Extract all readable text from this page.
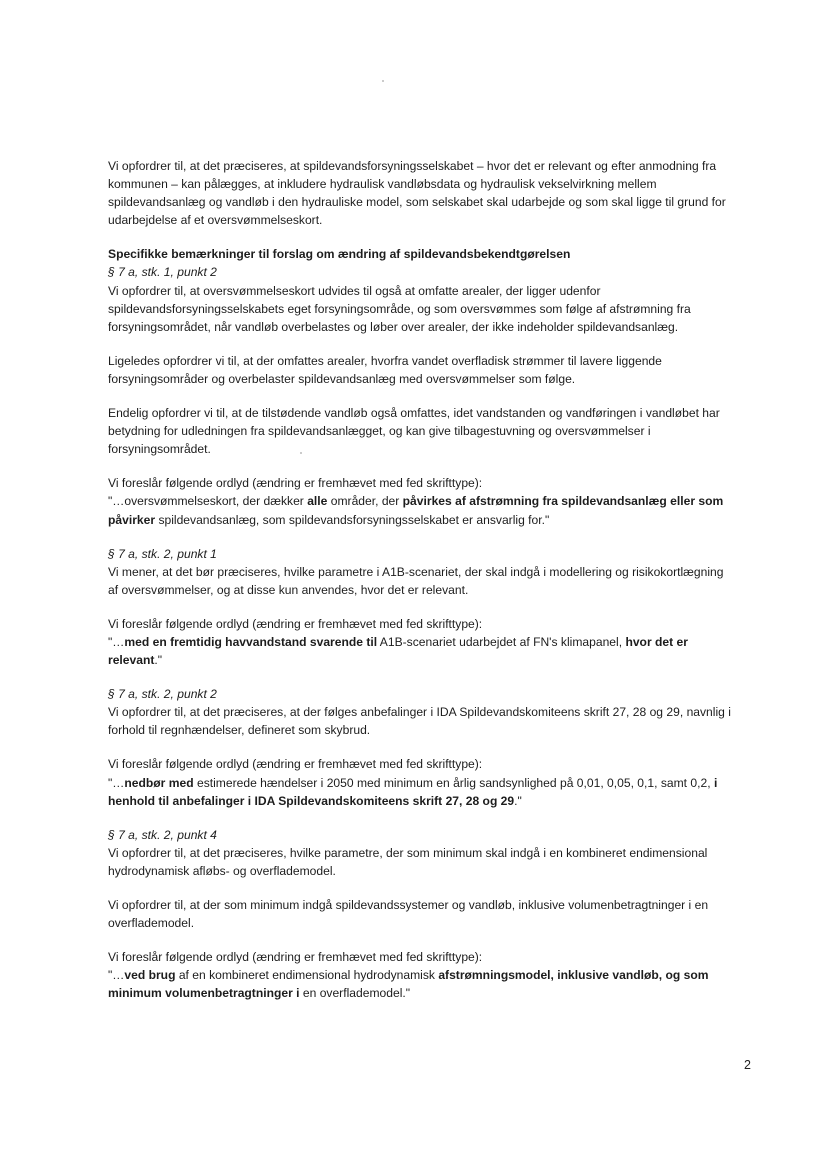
Vi opfordrer til, at det præciseres, at spildevandsforsyningsselskabet – hvor det er relevant og efter anmodning fra kommunen – kan pålægges, at inkludere hydraulisk vandløbsdata og hydraulisk vekselvirkning mellem spildevandsanlæg og vandløb i den hydrauliske model, som selskabet skal udarbejde og som skal ligge til grund for udarbejdelse af et oversvømmelseskort.

Specifikke bemærkninger til forslag om ændring af spildevandsbekendtgørelsen

§ 7 a, stk. 1, punkt 2

Vi opfordrer til, at oversvømmelseskort udvides til også at omfatte arealer, der ligger udenfor spildevandsforsyningsselskabets eget forsyningsområde, og som oversvømmes som følge af afstrømning fra forsyningsområdet, når vandløb overbelastes og løber over arealer, der ikke indeholder spildevandsanlæg.

Ligeledes opfordrer vi til, at der omfattes arealer, hvorfra vandet overfladisk strømmer til lavere liggende forsyningsområder og overbelaster spildevandsanlæg med oversvømmelser som følge.

Endelig opfordrer vi til, at de tilstødende vandløb også omfattes, idet vandstanden og vandføringen i vandløbet har betydning for udledningen fra spildevandsanlægget, og kan give tilbagestuvning og oversvømmelser i forsyningsområdet.

Vi foreslår følgende ordlyd (ændring er fremhævet med fed skrifttype):

"…oversvømmelseskort, der dækker alle områder, der påvirkes af afstrømning fra spildevandsanlæg eller som påvirker spildevandsanlæg, som spildevandsforsyningsselskabet er ansvarlig for."

§ 7 a, stk. 2, punkt 1

Vi mener, at det bør præciseres, hvilke parametre i A1B-scenariet, der skal indgå i modellering og risikokortlægning af oversvømmelser, og at disse kun anvendes, hvor det er relevant.

Vi foreslår følgende ordlyd (ændring er fremhævet med fed skrifttype):

"…med en fremtidig havvandstand svarende til A1B-scenariet udarbejdet af FN's klimapanel, hvor det er relevant."

§ 7 a, stk. 2, punkt 2

Vi opfordrer til, at det præciseres, at der følges anbefalinger i IDA Spildevandskomiteens skrift 27, 28 og 29, navnlig i forhold til regnhændelser, defineret som skybrud.

Vi foreslår følgende ordlyd (ændring er fremhævet med fed skrifttype):

"…nedbør med estimerede hændelser i 2050 med minimum en årlig sandsynlighed på 0,01, 0,05, 0,1, samt 0,2, i henhold til anbefalinger i IDA Spildevandskomiteens skrift 27, 28 og 29."

§ 7 a, stk. 2, punkt 4

Vi opfordrer til, at det præciseres, hvilke parametre, der som minimum skal indgå i en kombineret endimensional hydrodynamisk afløbs- og overflademodel.

Vi opfordrer til, at der som minimum indgå spildevandssystemer og vandløb, inklusive volumenbetragtninger i en overflademodel.

Vi foreslår følgende ordlyd (ændring er fremhævet med fed skrifttype):

"…ved brug af en kombineret endimensional hydrodynamisk afstrømningsmodel, inklusive vandløb, og som minimum volumenbetragtninger i en overflademodel."

2
